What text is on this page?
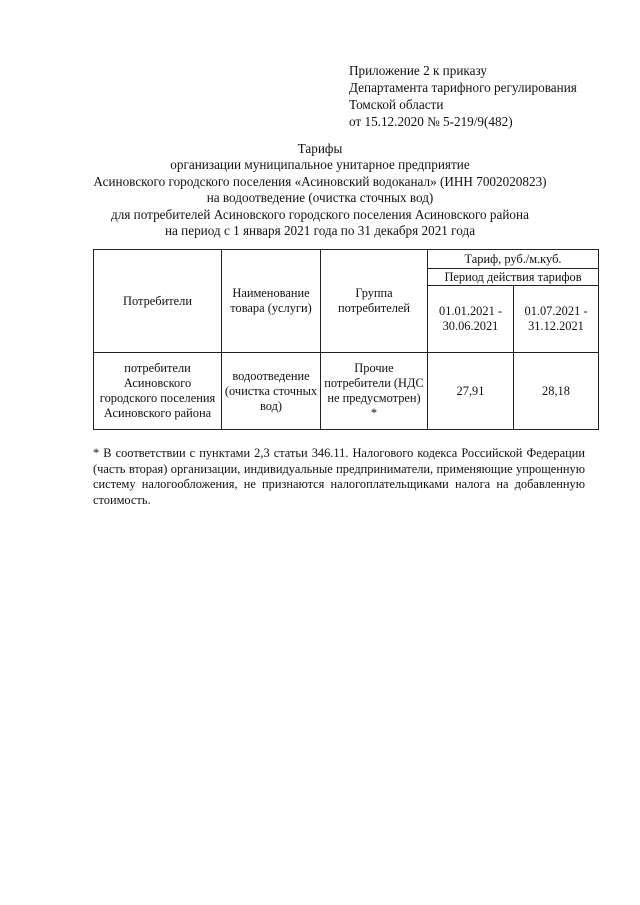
Приложение 2 к приказу
Департамента тарифного регулирования
Томской области
от 15.12.2020 № 5-219/9(482)
Тарифы
организации муниципальное унитарное предприятие
Асиновского городского поселения «Асиновский водоканал» (ИНН 7002020823)
на водоотведение (очистка сточных вод)
для потребителей Асиновского городского поселения Асиновского района
на период с 1 января 2021 года по 31 декабря 2021 года
Потребители	Наименование товара (услуги)	Группа потребителей	Тариф, руб./м.куб.	
			Период действия тарифов	
			01.01.2021 - 30.06.2021	01.07.2021 - 31.12.2021
потребители Асиновского городского поселения Асиновского района	водоотведение (очистка сточных вод)	Прочие потребители (НДС не предусмотрен) *	27,91	28,18
* В соответствии с пунктами 2,3 статьи 346.11. Налогового кодекса Российской Федерации (часть вторая) организации, индивидуальные предприниматели, применяющие упрощенную систему налогообложения, не признаются налогоплательщиками налога на добавленную стоимость.
